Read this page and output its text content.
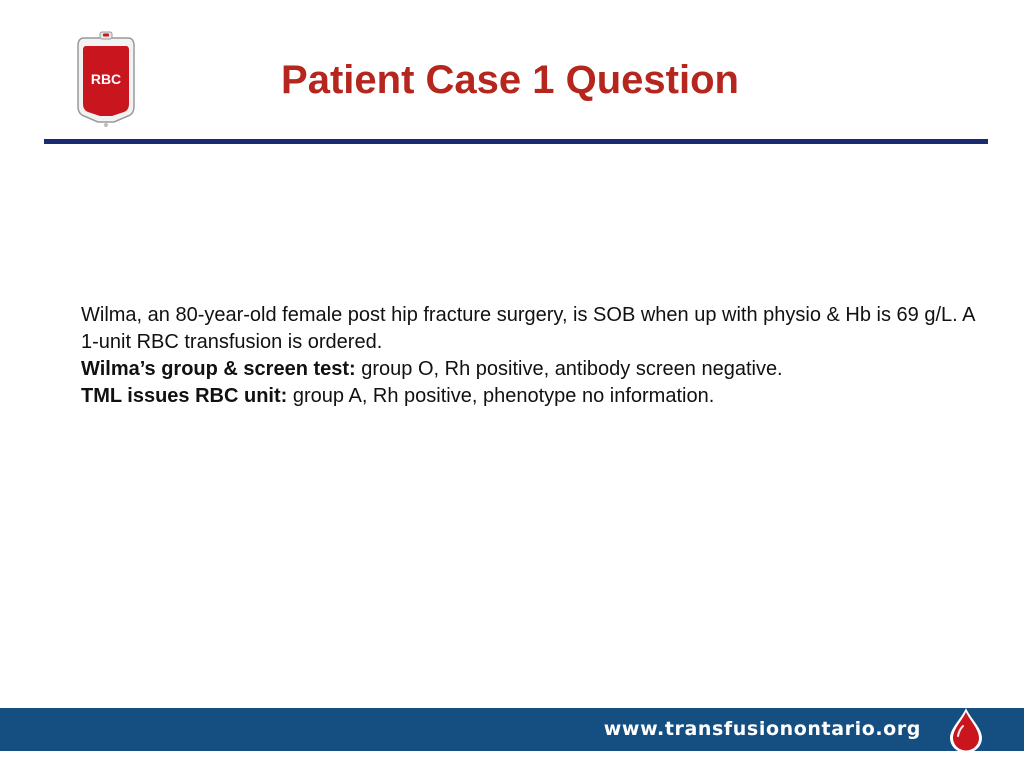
RBC	Patient Case 1 Question

Wilma, an 80-year-old female post hip fracture surgery, is SOB when up with physio & Hb is 69 g/L. A 1-unit RBC transfusion is ordered.

Wilma’s group & screen test: group O, Rh positive, antibody screen negative.

TML issues RBC unit: group A, Rh positive, phenotype no information.

www.transfusionontario.org
